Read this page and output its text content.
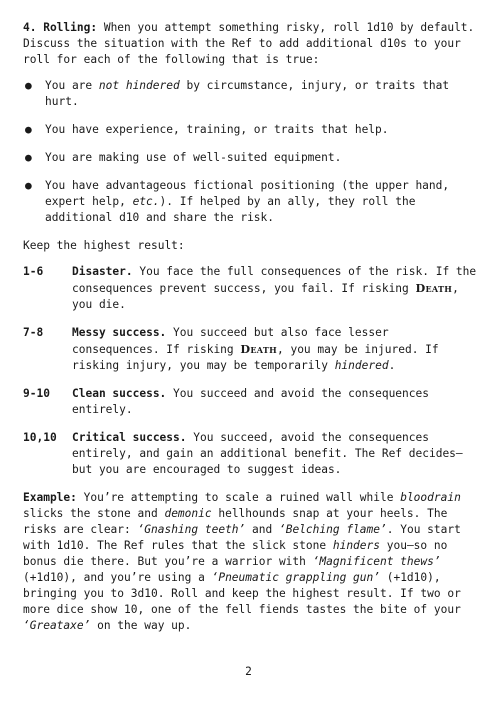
4. Rolling: When you attempt something risky, roll 1d10 by default. Discuss the situation with the Ref to add additional d10s to your roll for each of the following that is true:

● You are not hindered by circumstance, injury, or traits that hurt.
● You have experience, training, or traits that help.
● You are making use of well-suited equipment.
● You have advantageous fictional positioning (the upper hand, expert help, etc.). If helped by an ally, they roll the additional d10 and share the risk.

Keep the highest result:

1-6	Disaster. You face the full consequences of the risk. If the consequences prevent success, you fail. If risking Death, you die.
7-8	Messy success. You succeed but also face lesser consequences. If risking Death, you may be injured. If risking injury, you may be temporarily hindered.
9-10	Clean success. You succeed and avoid the consequences entirely.
10,10	Critical success. You succeed, avoid the consequences entirely, and gain an additional benefit. The Ref decides—but you are encouraged to suggest ideas.

Example: You’re attempting to scale a ruined wall while bloodrain slicks the stone and demonic hellhounds snap at your heels. The risks are clear: ‘Gnashing teeth’ and ‘Belching flame’. You start with 1d10. The Ref rules that the slick stone hinders you—so no bonus die there. But you’re a warrior with ‘Magnificent thews’ (+1d10), and you’re using a ‘Pneumatic grappling gun’ (+1d10), bringing you to 3d10. Roll and keep the highest result. If two or more dice show 10, one of the fell fiends tastes the bite of your ‘Greataxe’ on the way up.

2
